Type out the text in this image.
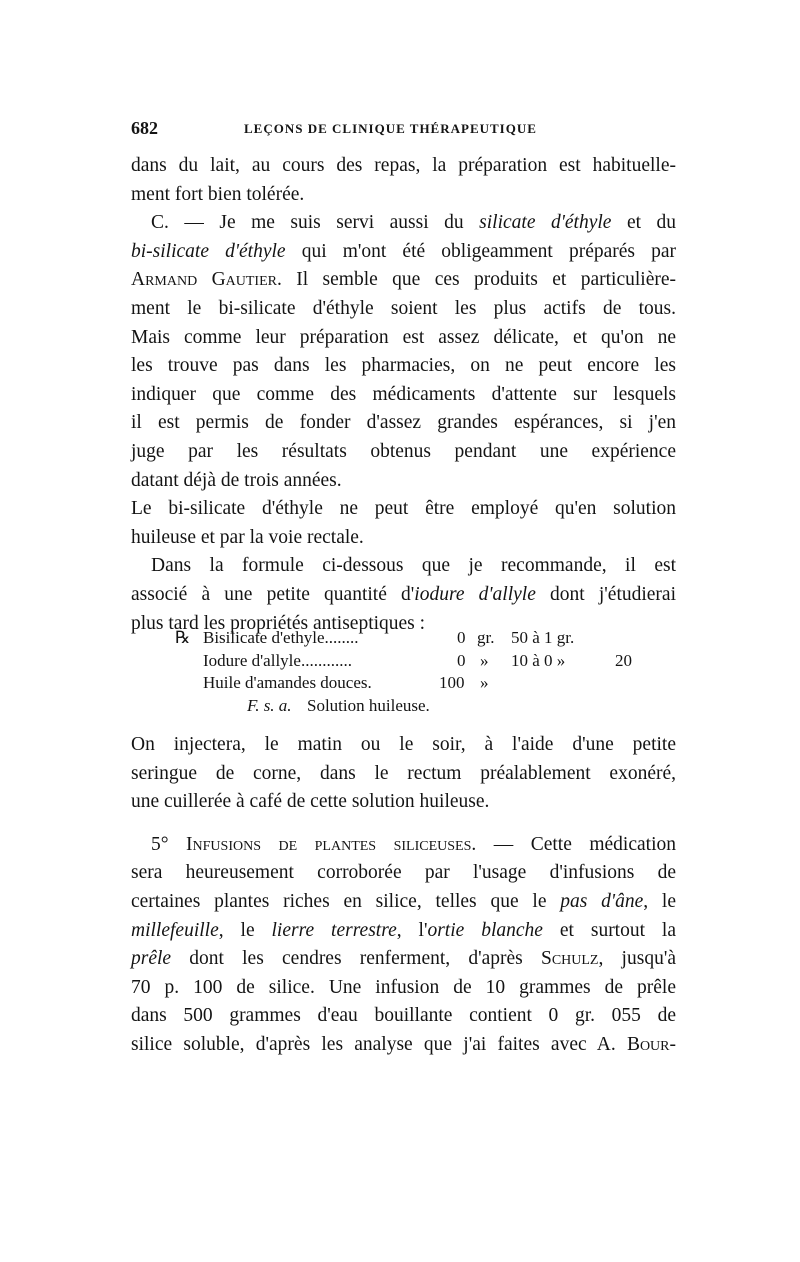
682	LEÇONS DE CLINIQUE THÉRAPEUTIQUE
dans du lait, au cours des repas, la préparation est habituelle-
ment fort bien tolérée.
C. — Je me suis servi aussi du silicate d'éthyle et du
bi-silicate d'éthyle qui m'ont été obligeamment préparés par
Armand Gautier. Il semble que ces produits et particulière-
ment le bi-silicate d'éthyle soient les plus actifs de tous.
Mais comme leur préparation est assez délicate, et qu'on ne
les trouve pas dans les pharmacies, on ne peut encore les
indiquer que comme des médicaments d'attente sur lesquels
il est permis de fonder d'assez grandes espérances, si j'en
juge par les résultats obtenus pendant une expérience
datant déjà de trois années.
Le bi-silicate d'éthyle ne peut être employé qu'en solution
huileuse et par la voie rectale.
Dans la formule ci-dessous que je recommande, il est
associé à une petite quantité d'iodure d'allyle dont j'étudierai
plus tard les propriétés antiseptiques :
℞ Bisilicate d'ethyle........	0 gr. 50 à 1 gr.
Iodure d'allyle............	0 » 10 à 0 »	20
Huile d'amandes douces.	100 »
F. s. a. Solution huileuse.
On injectera, le matin ou le soir, à l'aide d'une petite
seringue de corne, dans le rectum préalablement exonéré,
une cuillerée à café de cette solution huileuse.
5° Infusions de plantes siliceuses. — Cette médication
sera heureusement corroborée par l'usage d'infusions de
certaines plantes riches en silice, telles que le pas d'âne, le
millefeuille, le lierre terrestre, l'ortie blanche et surtout la
prêle dont les cendres renferment, d'après Schulz, jusqu'à
70 p. 100 de silice. Une infusion de 10 grammes de prêle
dans 500 grammes d'eau bouillante contient 0 gr. 055 de
silice soluble, d'après les analyse que j'ai faites avec A. Bour-
